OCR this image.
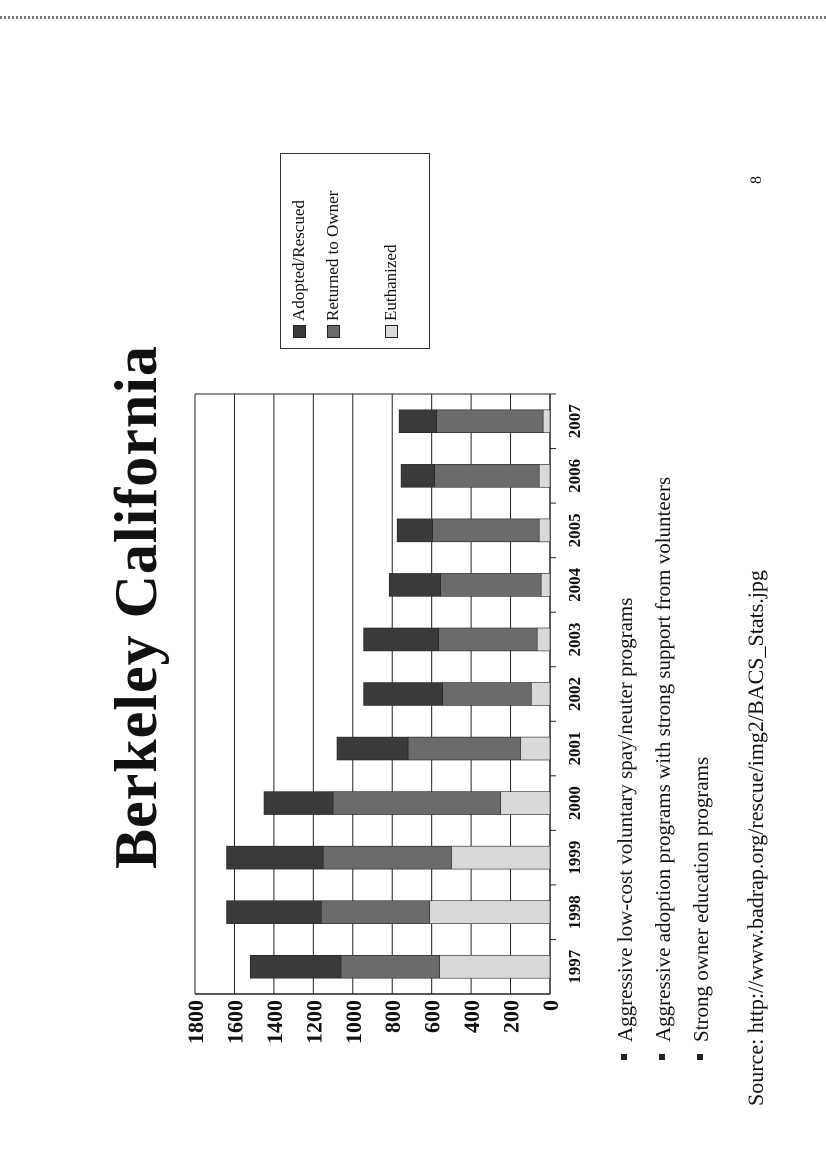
Berkeley California
0
200
400
600
800
1000
1200
1400
1600
1800
1997
1998
1999
2000
2001
2002
2003
2004
2005
2006
2007
Adopted/Rescued Returned to Owner Euthanized
Aggressive low-cost voluntary spay/neuter programs Aggressive adoption programs with strong support from volunteers Strong owner education programs	Source: http://www.badrap.org/rescue/img2/BACS_Stats.jpg
8
